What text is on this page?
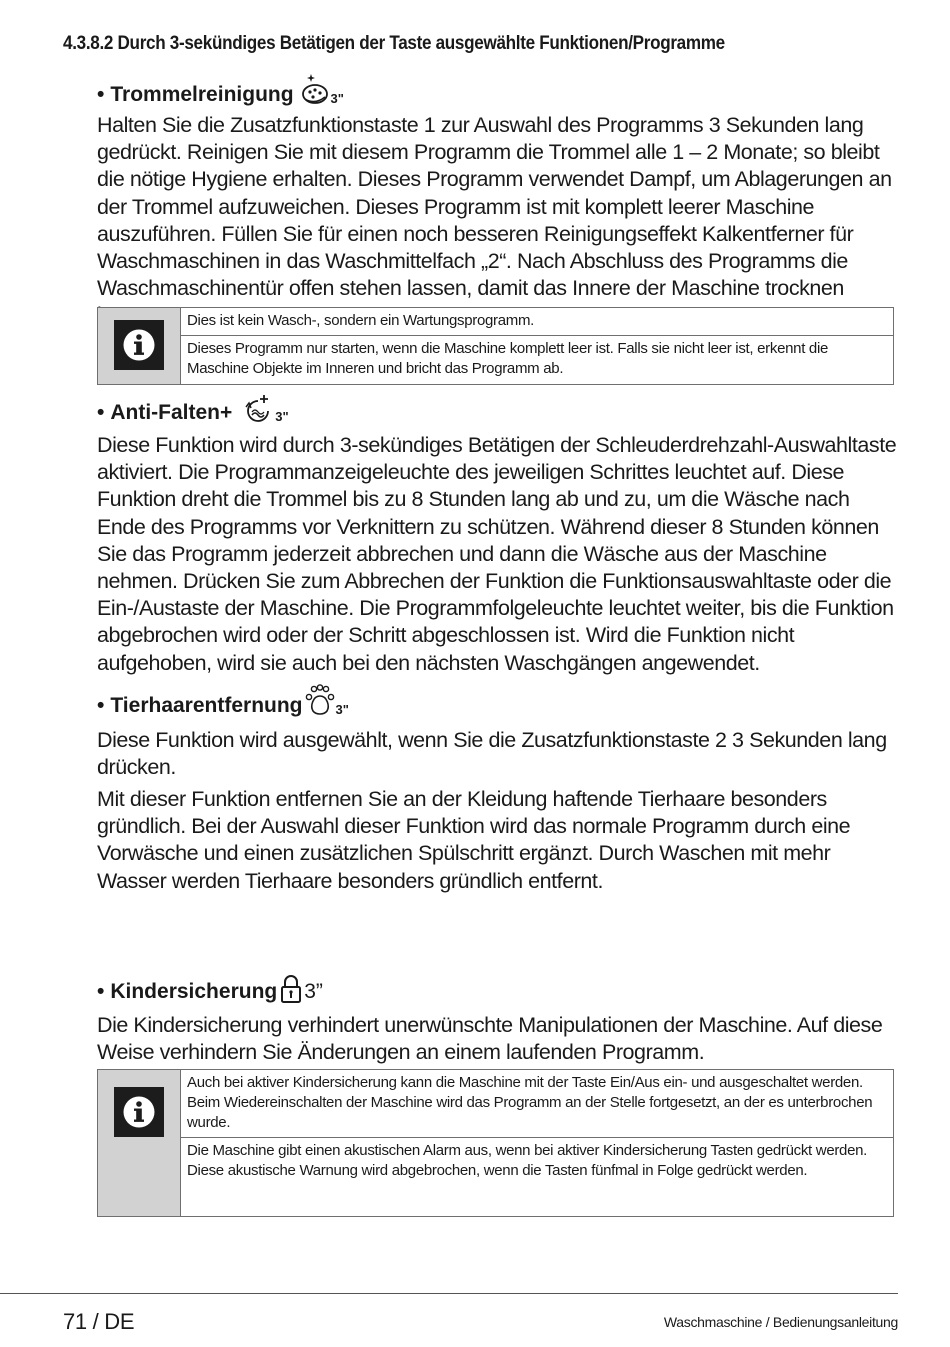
4.3.8.2 Durch 3-sekündiges Betätigen der Taste ausgewählte Funktionen/Programme
• Trommelreinigung	3"

Halten Sie die Zusatzfunktionstaste 1 zur Auswahl des Programms 3 Sekunden lang gedrückt. Reinigen Sie mit diesem Programm die Trommel alle 1 – 2 Monate; so bleibt die nötige Hygiene erhalten. Dieses Programm verwendet Dampf, um Ablagerungen an der Trommel aufzuweichen. Dieses Programm ist mit komplett leerer Maschine auszuführen. Füllen Sie für einen noch besseren Reinigungseffekt Kalkentferner für Waschmaschinen in das Waschmittelfach „2“. Nach Abschluss des Programms die Waschmaschinentür offen stehen lassen, damit das Innere der Maschine trocknen

Dies ist kein Wasch-, sondern ein Wartungsprogramm.
Dieses Programm nur starten, wenn die Maschine komplett leer ist. Falls sie nicht leer ist, erkennt die Maschine Objekte im Inneren und bricht das Programm ab.
• Anti-Falten+	3"

Diese Funktion wird durch 3-sekündiges Betätigen der Schleuderdrehzahl-Auswahltaste aktiviert. Die Programmanzeigeleuchte des jeweiligen Schrittes leuchtet auf. Diese Funktion dreht die Trommel bis zu 8 Stunden lang ab und zu, um die Wäsche nach Ende des Programms vor Verknittern zu schützen. Während dieser 8 Stunden können Sie das Programm jederzeit abbrechen und dann die Wäsche aus der Maschine nehmen. Drücken Sie zum Abbrechen der Funktion die Funktionsauswahltaste oder die Ein-/Austaste der Maschine. Die Programmfolgeleuchte leuchtet weiter, bis die Funktion abgebrochen wird oder der Schritt abgeschlossen ist. Wird die Funktion nicht aufgehoben, wird sie auch bei den nächsten Waschgängen angewendet.

• Tierhaarentfernung	3"

Diese Funktion wird ausgewählt, wenn Sie die Zusatzfunktionstaste 2 3 Sekunden lang drücken.

Mit dieser Funktion entfernen Sie an der Kleidung haftende Tierhaare besonders gründlich. Bei der Auswahl dieser Funktion wird das normale Programm durch eine Vorwäsche und einen zusätzlichen Spülschritt ergänzt. Durch Waschen mit mehr Wasser werden Tierhaare besonders gründlich entfernt.

• Kindersicherung 3”

Die Kindersicherung verhindert unerwünschte Manipulationen der Maschine. Auf diese Weise verhindern Sie Änderungen an einem laufenden Programm.

Auch bei aktiver Kindersicherung kann die Maschine mit der Taste Ein/Aus ein- und ausgeschaltet werden. Beim Wiedereinschalten der Maschine wird das Programm an der Stelle fortgesetzt, an der es unterbrochen wurde.
Die Maschine gibt einen akustischen Alarm aus, wenn bei aktiver Kindersicherung Tasten gedrückt werden. Diese akustische Warnung wird abgebrochen, wenn die Tasten fünfmal in Folge gedrückt werden.
71 / DE	Waschmaschine / Bedienungsanleitung
